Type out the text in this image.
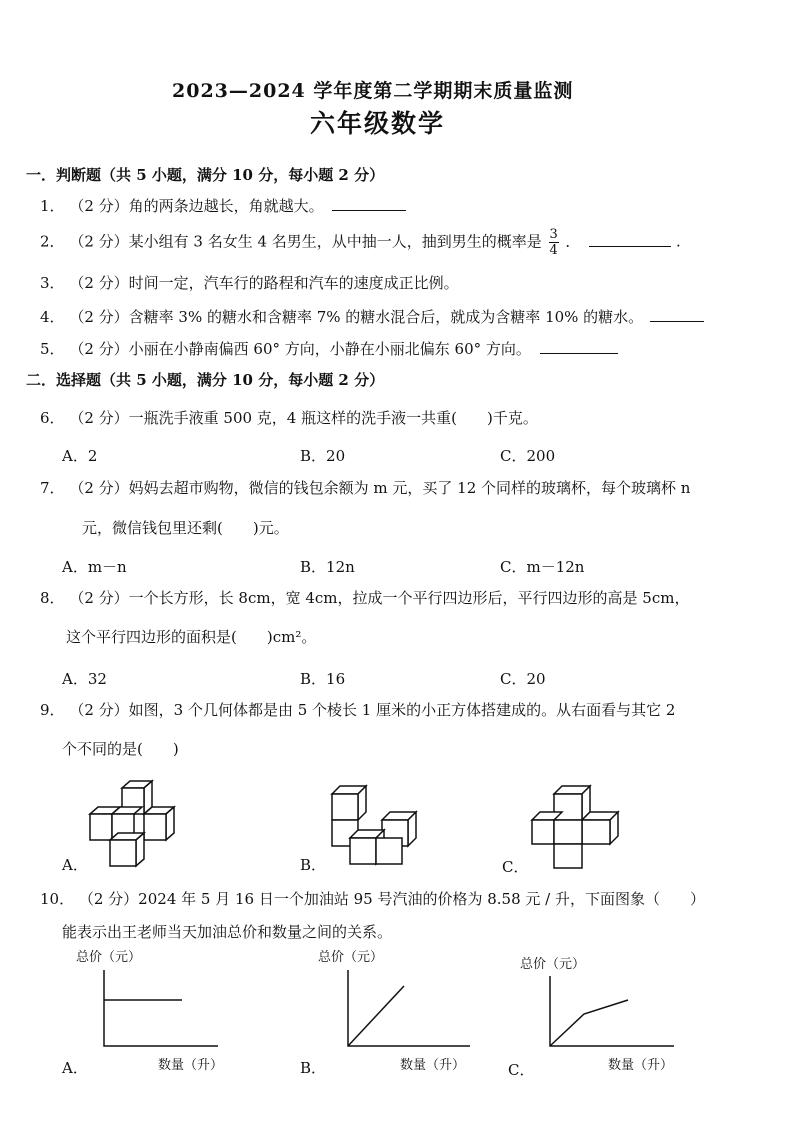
2023—2024 学年度第二学期期末质量监测
六年级数学
一．判断题（共 5 小题，满分 10 分，每小题 2 分）
1． （2 分）角的两条边越长，角就越大。
2． （2 分）某小组有 3 名女生 4 名男生，从中抽一人，抽到男生的概率是 $\frac{3}{4}$ ．	.
3． （2 分）时间一定，汽车行的路程和汽车的速度成正比例。
4． （2 分）含糖率 3% 的糖水和含糖率 7% 的糖水混合后，就成为含糖率 10% 的糖水。
5． （2 分）小丽在小静南偏西 60° 方向，小静在小丽北偏东 60° 方向。
二．选择题（共 5 小题，满分 10 分，每小题 2 分）
6． （2 分）一瓶洗手液重 500 克，4 瓶这样的洗手液一共重(　　)千克。
A．2	B．20	C．200
7． （2 分）妈妈去超市购物，微信的钱包余额为 m 元，买了 12 个同样的玻璃杯，每个玻璃杯 n
元，微信钱包里还剩(　　)元。
A．m－n	B．12n	C．m－12n
8． （2 分）一个长方形，长 8cm，宽 4cm，拉成一个平行四边形后，平行四边形的高是 5cm，
这个平行四边形的面积是(　　)cm²。
A．32	B．16	C．20
9． （2 分）如图，3 个几何体都是由 5 个棱长 1 厘米的小正方体搭建成的。从右面看与其它 2
个不同的是(　　)
A．	B．	C．
10． （2 分）2024 年 5 月 16 日一个加油站 95 号汽油的价格为 8.58 元 / 升，下面图象（　　）
能表示出王老师当天加油总价和数量之间的关系。
总价（元）
A．	数量（升）
总价（元）
B．	数量（升）
总价（元）
C．	数量（升）
